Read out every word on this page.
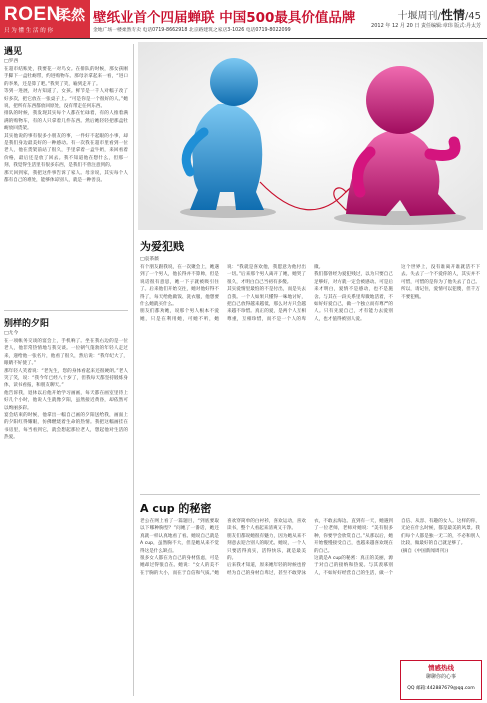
ROEN
柔然
只 为 懂 生 活 的 你
壁纸业首个四届蝉联 中国500最具价值品牌
金地广场一楼柔然专卖 电话0719-8662918 北京路建筑之家店3-1026 电话0719-8022099
十堰周刊/性情/45
2012 年 12 月 20 日 责任编辑:章玮 版式:丹太芳
遇见
□罗西
在超市结账处，我要花一对鸟女。在排队的时候，那女孩刚手脚下一盒牡蛎带，约进购物车。那母亲拿起来一看，“进口的李果，还是算了吧。”我突了笑，喻到走开了。
等到一进展，对方知道了，女孩。鲜节是一千人对幅子改了好多次，把它放在一张桌子上。“可是你是一个很好的人。”她说，把所有东西都放回原处，没有带走任何东西。
排队的时候，我发现其实每个人都在忙碌着，有的人推着满满的购物车，有的人只拿着几件东西。然后她轻轻把那盒牡蛎放回货架。
其实他说的事有很多小朋友的事，一件好不起眼的小事，却是我们身边最美好的一种感动。有一次我在超市里看到一位老人，他在货架前站了很久，手里拿着一盒牛奶，来回看着价格，最后还是放了回去。我不知道他在想什么，但那一刻，我觉得生活里有很多东西，是我们不曾注意到的。
那天回到家，我把这件事告诉了家人。母亲说，其实每个人都有自己的难处，能够体谅别人，就是一种善良。
别样的夕阳
□尤今
在一项帐务交谈的宴会上，手机响了。坐在我右边的是一位老人，他非常热情地与我交谈。一位朝气蓬勃的年轻人走过来，递给他一张名片，他看了很久，然后说：“我年纪大了，眼睛不好使了。”
那年轻人笑着说：“老先生，您的身体看起来还很硬朗。”老人笑了笑，说：“我今年已经八十岁了，但我每天都坚持锻炼身体，读书看报，和朋友聊天。”
他告诉我，退休以后他开始学习画画，每天都在画室里待上好几个小时，他说人生就像夕阳，虽然接近黄昏，却依然可以绚丽多彩。
宴会结束的时候，他拿出一幅自己画的夕阳送给我，画面上的夕阳红得耀眼，仿佛燃烧着生命的热情。我把这幅画挂在书房里，每当看到它，就会想起那位老人，想起他对生活的热爱。
为爱犯贱
□袁茶薇
有个朋友跟我说，在一次聚会上，她遇到了一个男人，他长得并不算帅，但是说话很有意思，她一下子就被吸引住了。后来他们开始交往，她对他好得不得了，每天给他做饭、洗衣服，他想要什么她就买什么。
朋友们都劝她，说那个男人根本不爱她，只是在利用她，可她不听，她说：“我就是喜欢他，我愿意为他付出一切。”后来那个男人离开了她，她哭了很久，才明白自己当初有多傻。
其实爱情里最怕的不是付出，而是失去自我。一个人如果只懂得一味地讨好，把自己放得越来越低，那么对方只会越来越不珍惜。真正的爱，是两个人互相尊重，互相珍惜，而不是一个人的卑微。
我们都曾经为爱犯贱过，以为只要自己足够好，对方就一定会被感动。可是后来才明白，爱情不是感动，也不是施舍。与其在一段关系里卑微地活着，不如好好爱自己，做一个独立而有尊严的人。只有先爱自己，才有能力去爱别人，也才值得被别人爱。
这个世界上，没有谁离开谁就活不下去。失去了一个不爱你的人，其实并不可惜，可惜的是你为了他失去了自己。所以，请记住，爱情可以犯傻，但千万不要犯贱。
A cup 的秘密
老公在网上看了一篇题目，“到底要取以下哪种胸型？”问她了一番话，她还真就一样认真地看了看。她说自己就是A cup，虽然胸不大，但是她从来不觉得这是什么缺点。
很多女人都在为自己的身材焦虑，可是她却过得很自在。她说：“女人的美不在于胸的大小，而在于自信和气质。”她喜欢穿简单的白衬衫，喜欢运动，喜欢读书，整个人看起来清爽又干净。
朋友们都说她很有魅力，因为她从来不刻意去迎合别人的眼光。她说，一个人只要活得真实，活得快乐，就是最美的。
后来我才知道，原来她年轻的时候也曾经为自己的身材自卑过，甚至不敢穿泳衣，不敢去海边。直到有一天，她遇到了一位老师，老师对她说：“美有很多种，你要学会欣赏自己。”从那以后，她开始慢慢接受自己，也越来越喜欢现在的自己。
这就是A cup的秘密：真正的美丽，源于对自己的接纳和热爱。与其羡慕别人，不如好好经营自己的生活，做一个自信、从容、有趣的女人。这样的你，无论在什么时候，都是最美的风景。我们每个人都是独一无二的，不必和别人比较，做最好的自己就足够了。
(摘自《中国新闻周刊》)
情感热线
聊聊你的心事
QQ 邮箱:442887679@qq.com
